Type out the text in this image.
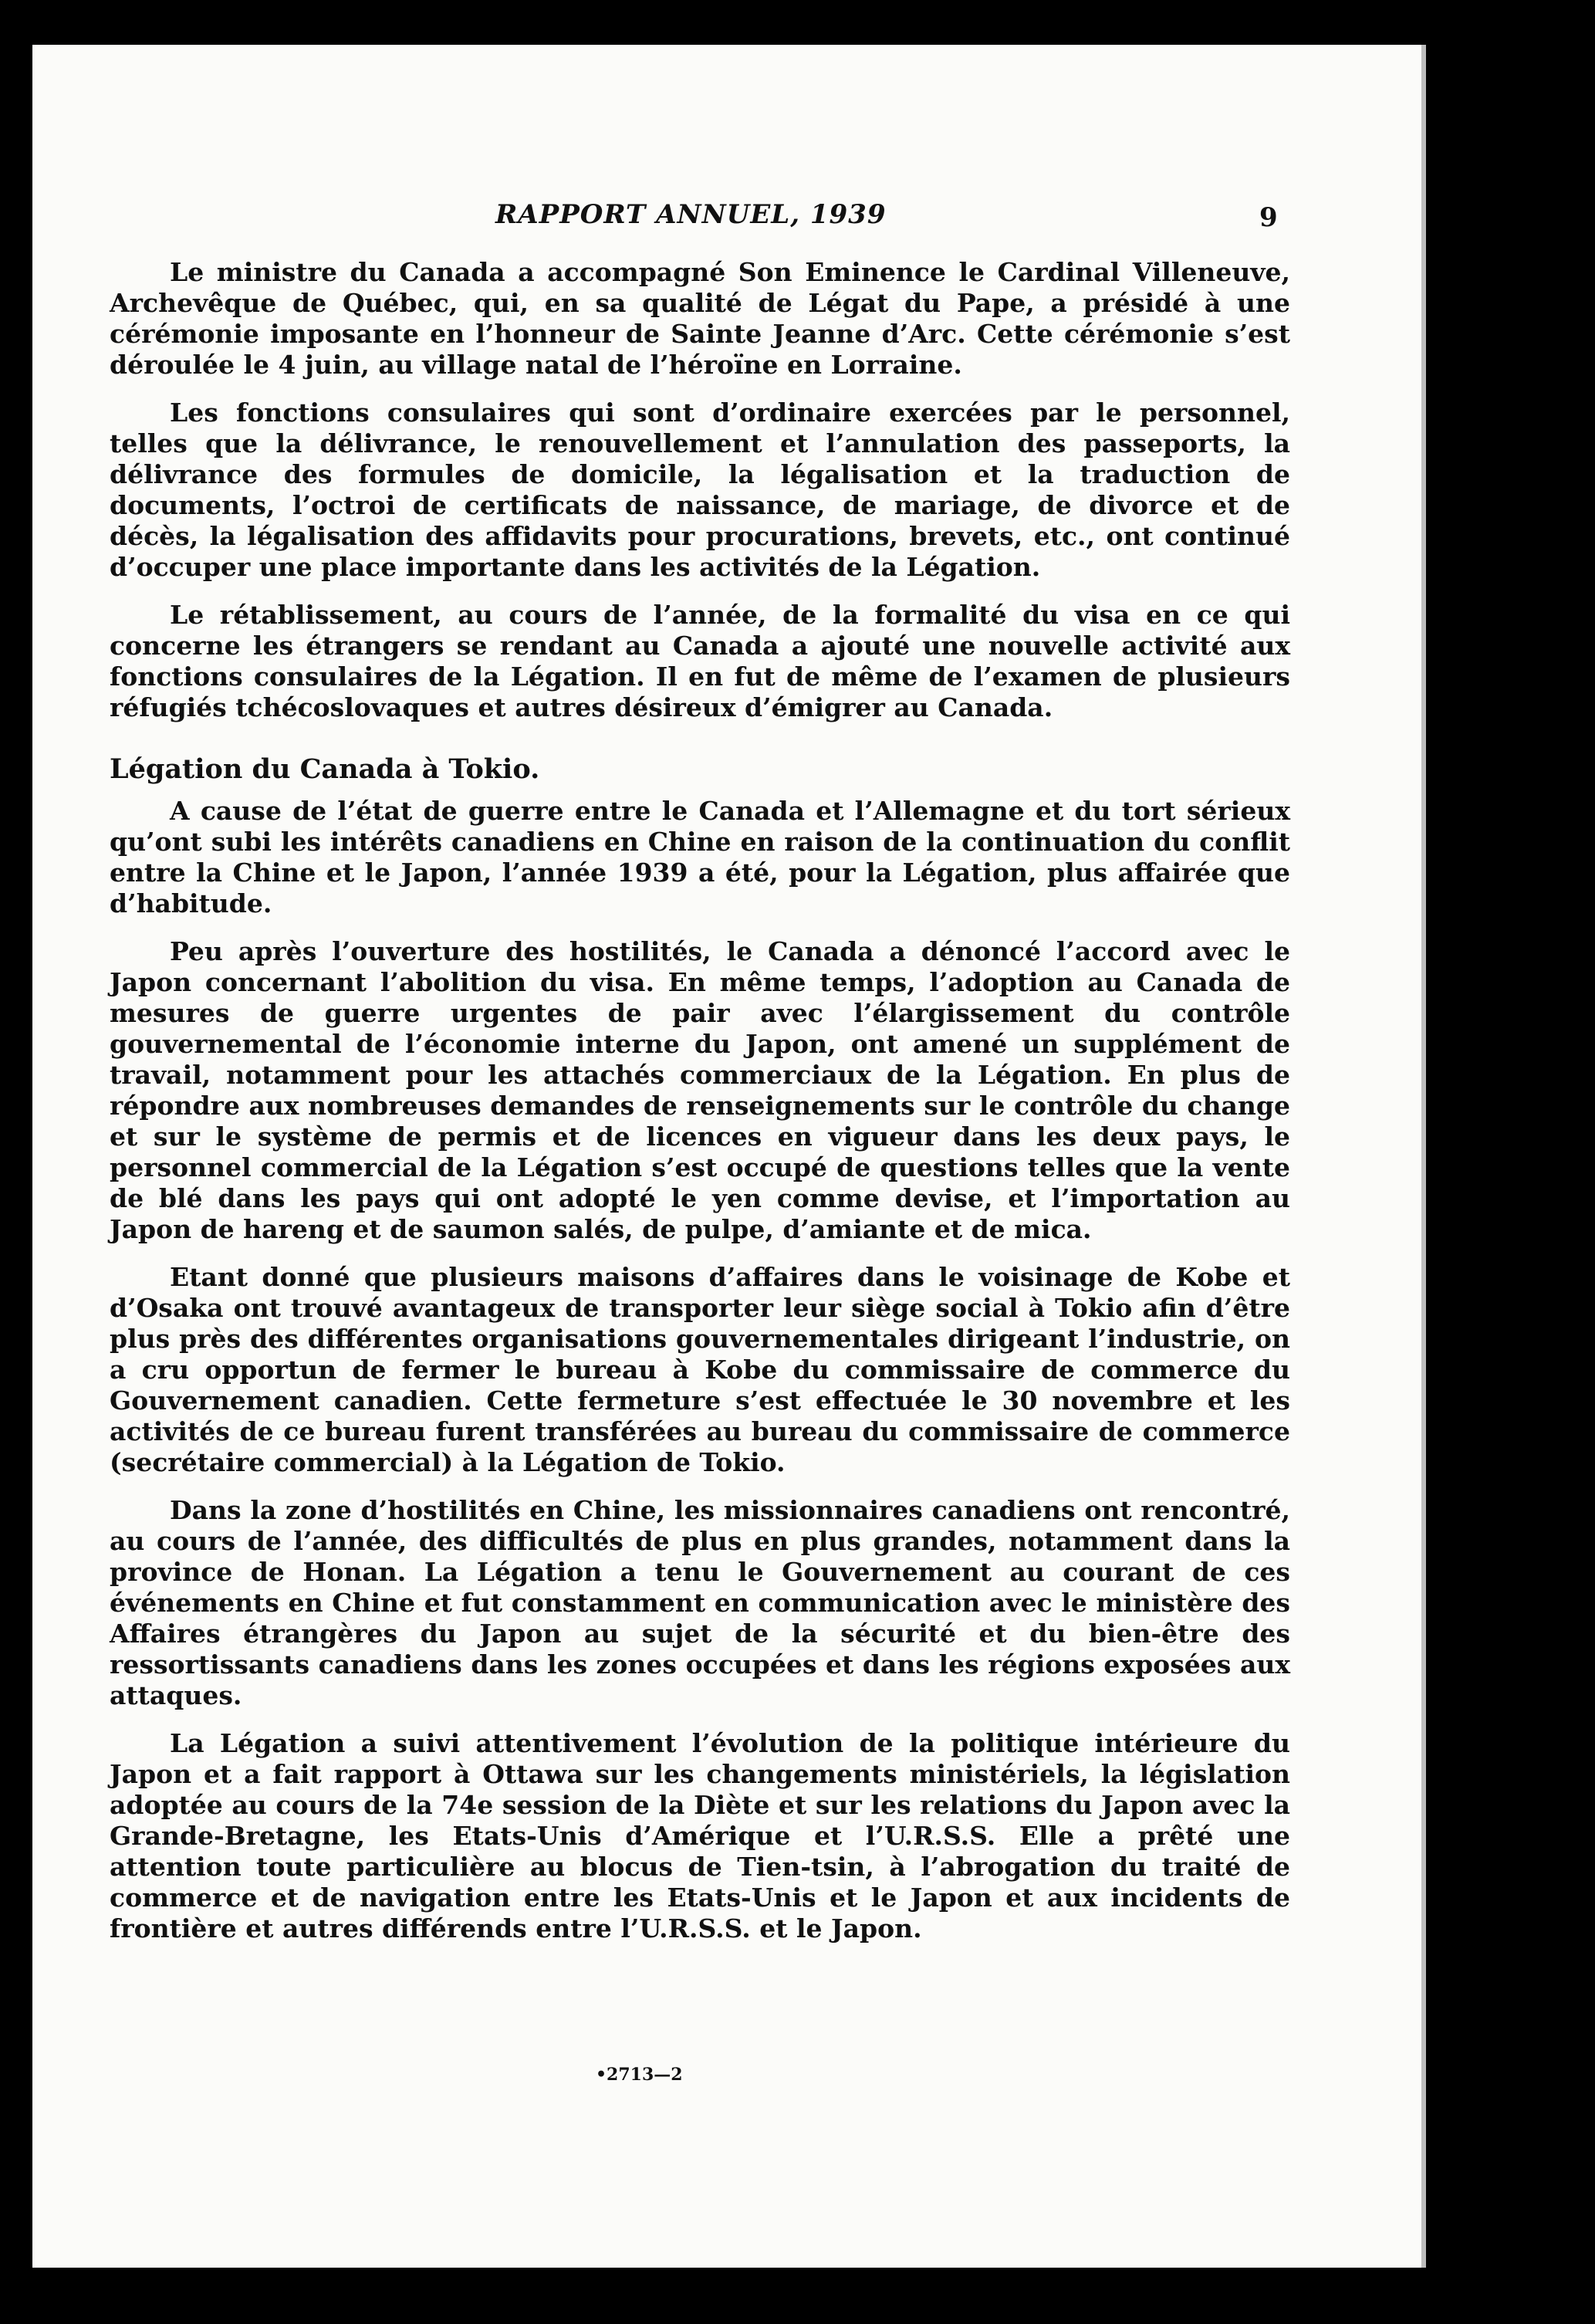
RAPPORT ANNUEL, 1939	9

Le ministre du Canada a accompagné Son Eminence le Cardinal Villeneuve, Archevêque de Québec, qui, en sa qualité de Légat du Pape, a présidé à une cérémonie imposante en l’honneur de Sainte Jeanne d’Arc. Cette cérémonie s’est déroulée le 4 juin, au village natal de l’héroïne en Lorraine.

Les fonctions consulaires qui sont d’ordinaire exercées par le personnel, telles que la délivrance, le renouvellement et l’annulation des passeports, la délivrance des formules de domicile, la légalisation et la traduction de documents, l’octroi de certificats de naissance, de mariage, de divorce et de décès, la légalisation des affidavits pour procurations, brevets, etc., ont continué d’occuper une place importante dans les activités de la Légation.

Le rétablissement, au cours de l’année, de la formalité du visa en ce qui concerne les étrangers se rendant au Canada a ajouté une nouvelle activité aux fonctions consulaires de la Légation. Il en fut de même de l’examen de plusieurs réfugiés tchécoslovaques et autres désireux d’émigrer au Canada.

Légation du Canada à Tokio.

A cause de l’état de guerre entre le Canada et l’Allemagne et du tort sérieux qu’ont subi les intérêts canadiens en Chine en raison de la continuation du conflit entre la Chine et le Japon, l’année 1939 a été, pour la Légation, plus affairée que d’habitude.

Peu après l’ouverture des hostilités, le Canada a dénoncé l’accord avec le Japon concernant l’abolition du visa. En même temps, l’adoption au Canada de mesures de guerre urgentes de pair avec l’élargissement du contrôle gouvernemental de l’économie interne du Japon, ont amené un supplément de travail, notamment pour les attachés commerciaux de la Légation. En plus de répondre aux nombreuses demandes de renseignements sur le contrôle du change et sur le système de permis et de licences en vigueur dans les deux pays, le personnel commercial de la Légation s’est occupé de questions telles que la vente de blé dans les pays qui ont adopté le yen comme devise, et l’importation au Japon de hareng et de saumon salés, de pulpe, d’amiante et de mica.

Etant donné que plusieurs maisons d’affaires dans le voisinage de Kobe et d’Osaka ont trouvé avantageux de transporter leur siège social à Tokio afin d’être plus près des différentes organisations gouvernementales dirigeant l’industrie, on a cru opportun de fermer le bureau à Kobe du commissaire de commerce du Gouvernement canadien. Cette fermeture s’est effectuée le 30 novembre et les activités de ce bureau furent transférées au bureau du commissaire de commerce (secrétaire commercial) à la Légation de Tokio.

Dans la zone d’hostilités en Chine, les missionnaires canadiens ont rencontré, au cours de l’année, des difficultés de plus en plus grandes, notamment dans la province de Honan. La Légation a tenu le Gouvernement au courant de ces événements en Chine et fut constamment en communication avec le ministère des Affaires étrangères du Japon au sujet de la sécurité et du bien-être des ressortissants canadiens dans les zones occupées et dans les régions exposées aux attaques.

La Légation a suivi attentivement l’évolution de la politique intérieure du Japon et a fait rapport à Ottawa sur les changements ministériels, la législation adoptée au cours de la 74e session de la Diète et sur les relations du Japon avec la Grande-Bretagne, les Etats-Unis d’Amérique et l’U.R.S.S. Elle a prêté une attention toute particulière au blocus de Tien-tsin, à l’abrogation du traité de commerce et de navigation entre les Etats-Unis et le Japon et aux incidents de frontière et autres différends entre l’U.R.S.S. et le Japon.

•2713—2
